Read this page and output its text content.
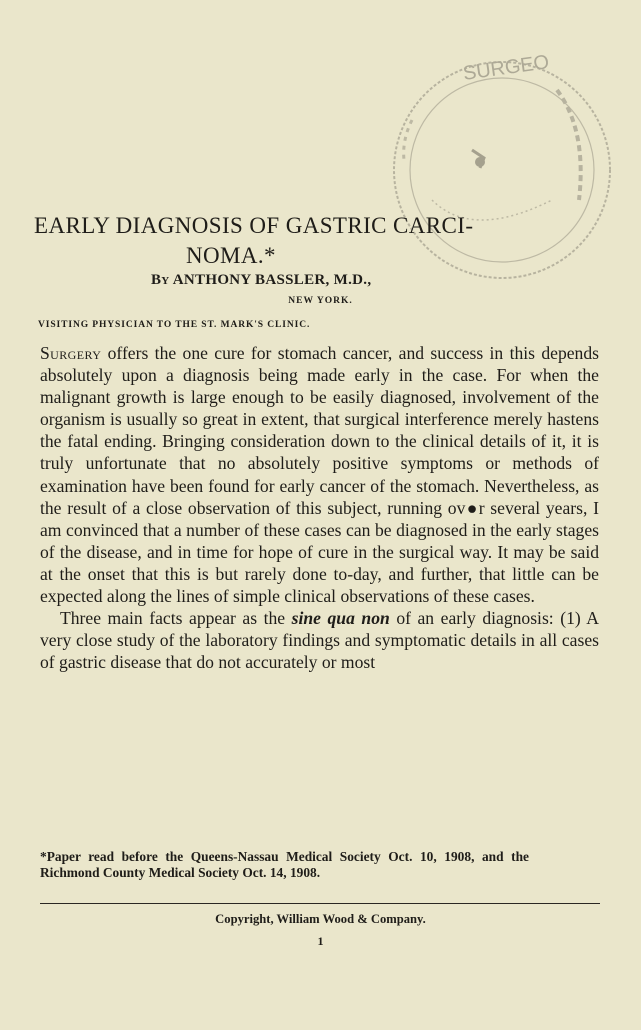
SURGEO
EARLY DIAGNOSIS OF GASTRIC CARCI-
NOMA.*
By ANTHONY BASSLER, M.D.,
NEW YORK.
VISITING PHYSICIAN TO THE ST. MARK'S CLINIC.

Surgery offers the one cure for stomach cancer, and success in this depends absolutely upon a diagnosis being made early in the case. For when the malignant growth is large enough to be easily diagnosed, involvement of the organism is usually so great in extent, that surgical interference merely hastens the fatal ending. Bringing consideration down to the clinical details of it, it is truly unfortunate that no absolutely positive symptoms or methods of examination have been found for early cancer of the stomach. Nevertheless, as the result of a close observation of this subject, running ov●r several years, I am convinced that a number of these cases can be diagnosed in the early stages of the disease, and in time for hope of cure in the surgical way. It may be said at the onset that this is but rarely done to-day, and further, that little can be expected along the lines of simple clinical observations of these cases.

Three main facts appear as the sine qua non of an early diagnosis: (1) A very close study of the laboratory findings and symptomatic details in all cases of gastric disease that do not accurately or most

*Paper read before the Queens-Nassau Medical Society Oct. 10, 1908, and the Richmond County Medical Society Oct. 14, 1908.
Copyright, William Wood & Company.
1
